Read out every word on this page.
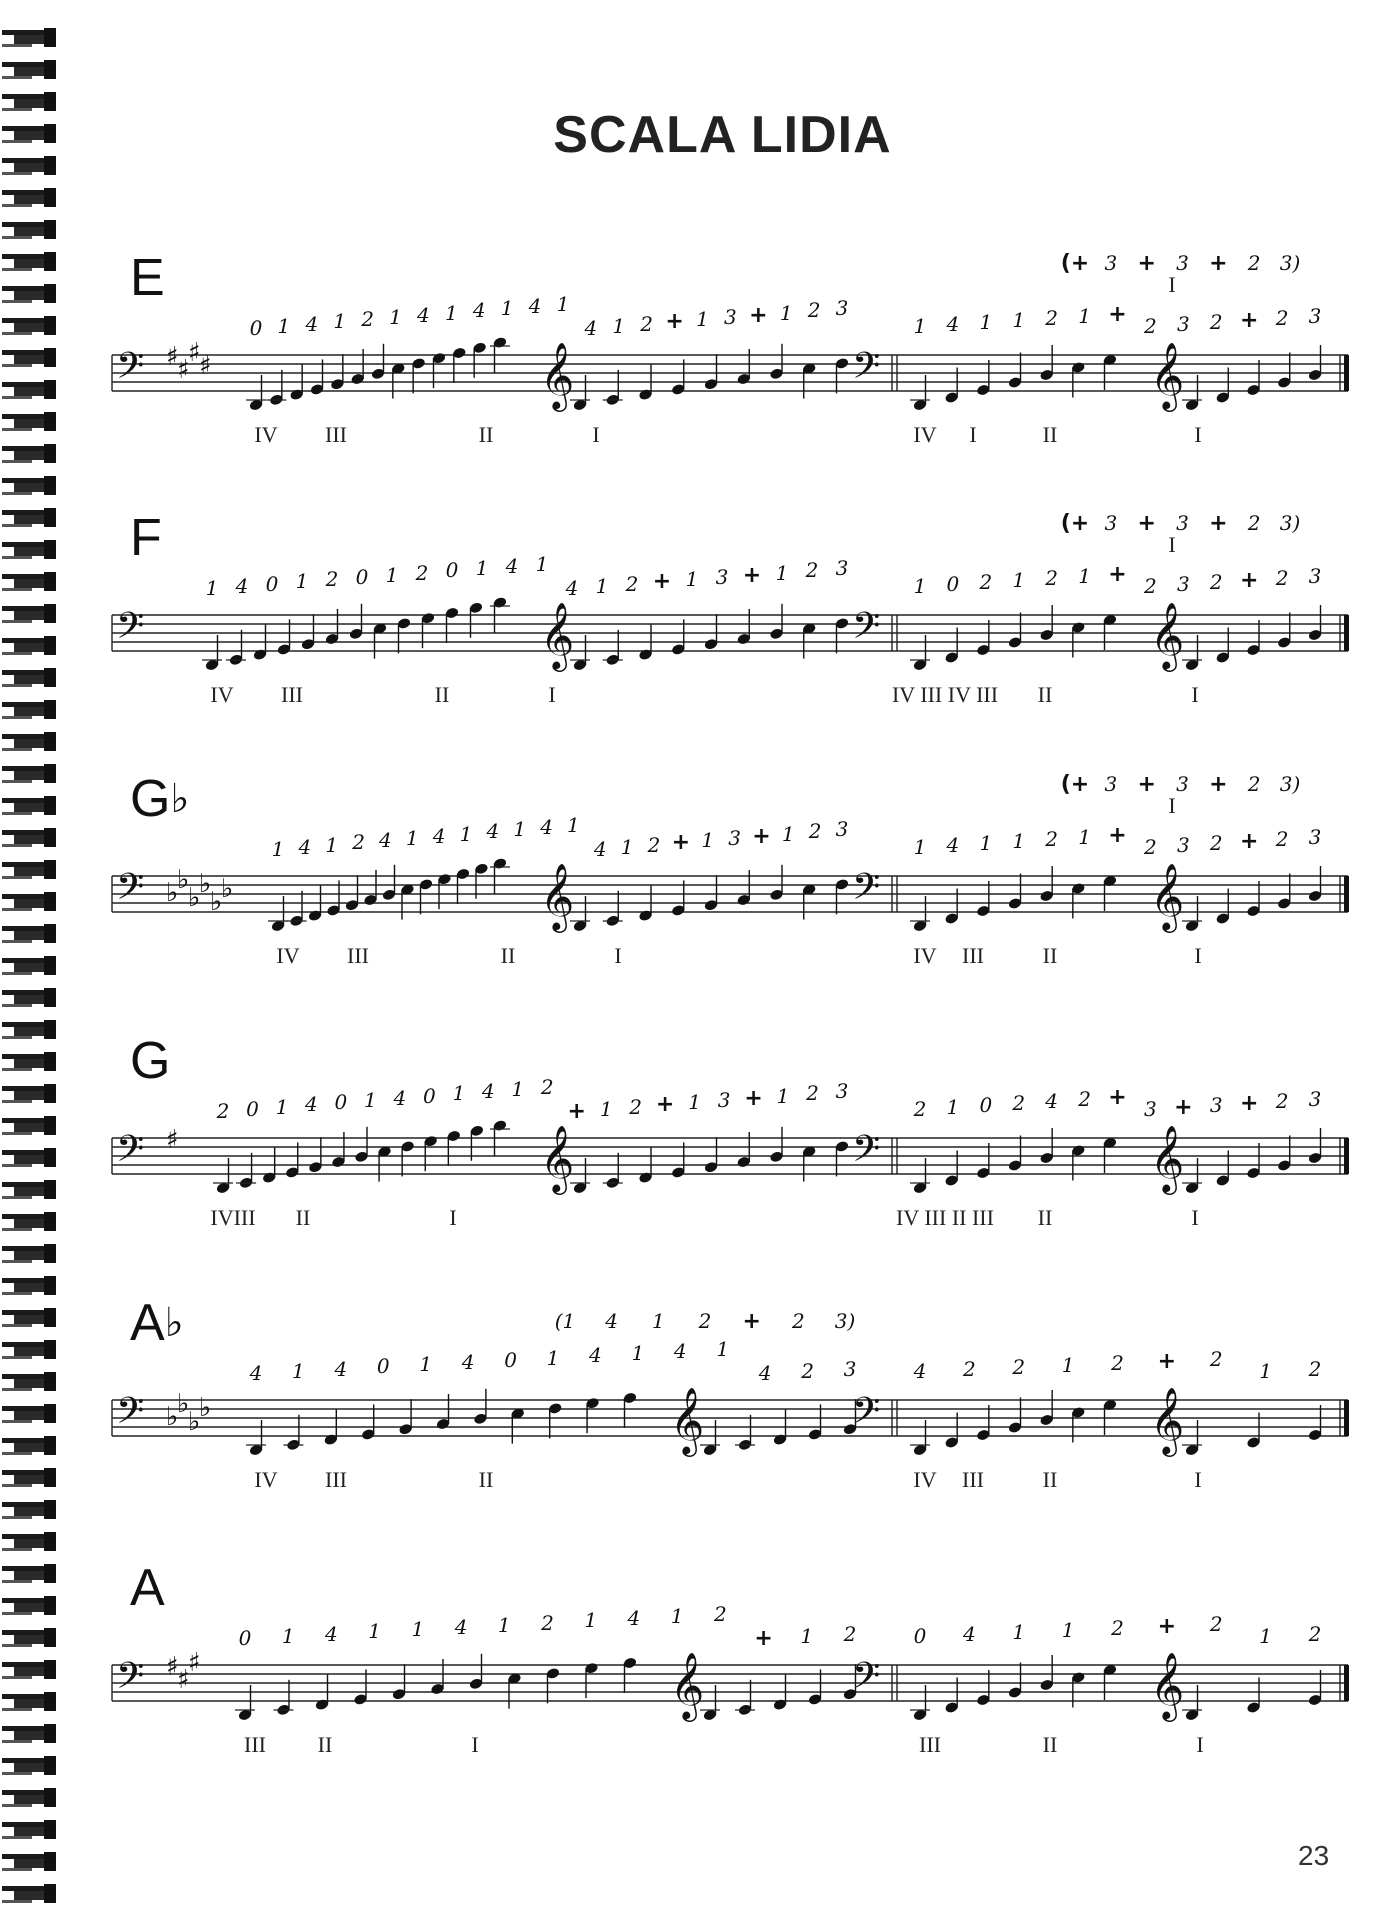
SCALA LIDIA
E
𝄢 ♯
♯
♯
♯	𝄞	𝄢	𝄞
0 1 4 1 2 1 4 1 4 1 4 1
4 1 2 + 1 3 + 1 2 3
1 4 1 1 2 1 + 2 3 2 + 2 3
(+ 3 + 3 + 2 3)
I
IV III	II	I	IV I	II	I
F
𝄢	𝄞	𝄢	𝄞
1 4 0 1 2 0 1 2 0 1 4 1
4 1 2 + 1 3 + 1 2 3
1 0 2 1 2 1 + 2 3 2 + 2 3
(+ 3 + 3 + 2 3)
I
IV III	II	I	IV III IV III II	I
G♭
𝄢 ♭
♭
♭
♭
♭
♭	𝄞	𝄢	𝄞
1 4 1 2 4 1 4 1 4 1 4 1
4 1 2 + 1 3 + 1 2 3
1 4 1 1 2 1 + 2 3 2 + 2 3
(+ 3 + 3 + 2 3)
I
IV III	II	I	IV III	II	I
G
𝄢 ♯	𝄞	𝄢	𝄞
2 0 1 4 0 1 4 0 1 4 1 2
+ 1 2 + 1 3 + 1 2 3
2 1 0 2 4 2 + 3 + 3 + 2 3
IVIII II	I	IV III II III II	I
A♭
𝄢 ♭
♭
♭
♭	𝄞	𝄢	𝄞
4 1 4 0 1 4 0 1 4 1 4 1
4 2 3	4 2 2 1 2 + 2 1 2
(1 4 1 2 + 2 3)
IV III	II	IV III	II	I
A
𝄢 ♯
♯
♯	𝄞	𝄢	𝄞
0 1 4 1 1 4 1 2 1 4 1 2
+ 1 2	0 4 1 1 2 + 2 1 2
III II	I	III	II	I
23
